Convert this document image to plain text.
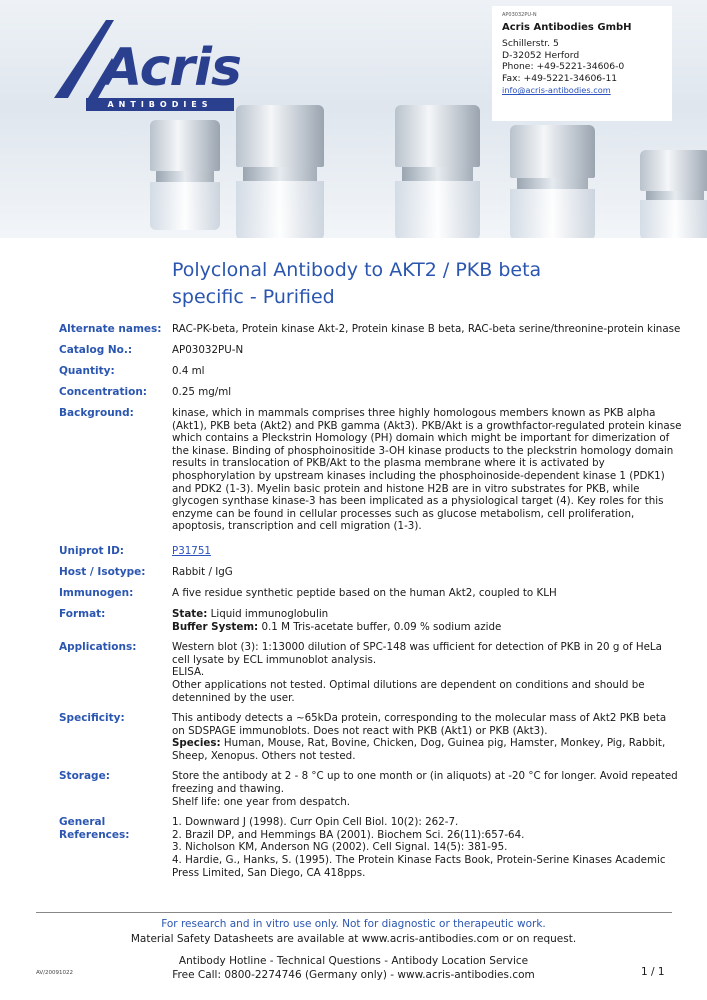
Acris
ANTIBODIES
AP03032PU-N
Acris Antibodies GmbH
Schillerstr. 5
D-32052 Herford
Phone: +49-5221-34606-0
Fax: +49-5221-34606-11
info@acris-antibodies.com
Polyclonal Antibody to AKT2 / PKB beta
specific - Purified
Alternate names:	RAC-PK-beta, Protein kinase Akt-2, Protein kinase B beta, RAC-beta serine/threonine-protein kinase
Catalog No.:	AP03032PU-N
Quantity:	0.4 ml
Concentration:	0.25 mg/ml
Background:	kinase, which in mammals comprises three highly homologous members known as PKB alpha (Akt1), PKB beta (Akt2) and PKB gamma (Akt3). PKB/Akt is a growthfactor-regulated protein kinase which contains a Pleckstrin Homology (PH) domain which might be important for dimerization of the kinase. Binding of phosphoinositide 3-OH kinase products to the pleckstrin homology domain results in translocation of PKB/Akt to the plasma membrane where it is activated by phosphorylation by upstream kinases including the phosphoinoside-dependent kinase 1 (PDK1) and PDK2 (1-3). Myelin basic protein and histone H2B are in vitro substrates for PKB, while glycogen synthase kinase-3 has been implicated as a physiological target (4). Key roles for this enzyme can be found in cellular processes such as glucose metabolism, cell proliferation, apoptosis, transcription and cell migration (1-3).
Uniprot ID:	P31751
Host / Isotype:	Rabbit / IgG
Immunogen:	A five residue synthetic peptide based on the human Akt2, coupled to KLH
Format:	State: Liquid immunoglobulin
Buffer System: 0.1 M Tris-acetate buffer, 0.09 % sodium azide
Applications:	Western blot (3): 1:13000 dilution of SPC-148 was ufficient for detection of PKB in 20 g of HeLa cell lysate by ECL immunoblot analysis.
ELISA.
Other applications not tested. Optimal dilutions are dependent on conditions and should be detennined by the user.
Specificity:	This antibody detects a ~65kDa protein, corresponding to the molecular mass of Akt2 PKB beta on SDSPAGE immunoblots. Does not react with PKB (Akt1) or PKB (Akt3).
Species: Human, Mouse, Rat, Bovine, Chicken, Dog, Guinea pig, Hamster, Monkey, Pig, Rabbit, Sheep, Xenopus. Others not tested.
Storage:	Store the antibody at 2 - 8 °C up to one month or (in aliquots) at -20 °C for longer. Avoid repeated freezing and thawing.
Shelf life: one year from despatch.
General
References:
1. Downward J (1998). Curr Opin Cell Biol. 10(2): 262-7.
2. Brazil DP, and Hemmings BA (2001). Biochem Sci. 26(11):657-64.
3. Nicholson KM, Anderson NG (2002). Cell Signal. 14(5): 381-95.
4. Hardie, G., Hanks, S. (1995). The Protein Kinase Facts Book, Protein-Serine Kinases Academic Press Limited, San Diego, CA 418pps.
For research and in vitro use only. Not for diagnostic or therapeutic work.
Material Safety Datasheets are available at www.acris-antibodies.com or on request.
Antibody Hotline - Technical Questions - Antibody Location Service
Free Call: 0800-2274746 (Germany only) - www.acris-antibodies.com
AV/20091022	1 / 1
